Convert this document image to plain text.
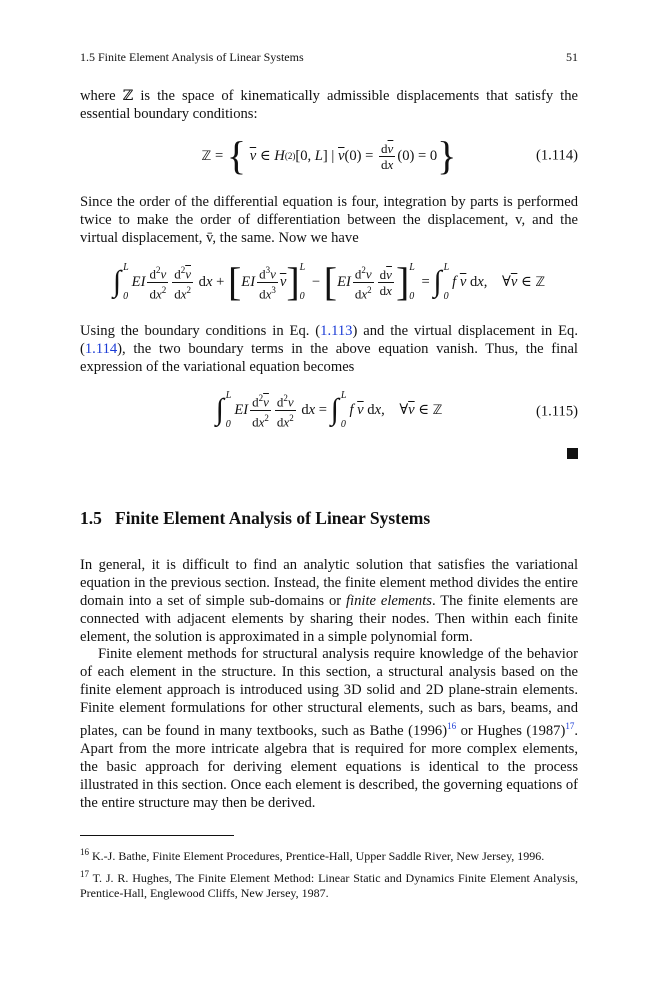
1.5 Finite Element Analysis of Linear Systems	51

where ℤ is the space of kinematically admissible displacements that satisfy the essential boundary conditions:

ℤ = {
$\overline{v}$ ∈ H (2) [0, L ] | $\overline{v}$ $(0) = \frac{d\overline{v}}{dx} (0) = 0$ }	(1.114)

Since the order of the differential equation is four, integration by parts is performed twice to make the order of differentiation between the displacement, v, and the virtual displacement, v̄, the same. Now we have

∫ L
0
EI $\frac{d^2v}{dx^2} \frac{d^2\overline{v}}{dx^2}$ d x + [ EI $\frac{d^3v}{dx^3} \overline{v}$ ] L
0
− [ EI $\frac{d^2v}{dx^2} \frac{d\overline{v}}{dx}$ ] L
0
= ∫ L
0
f
$\overline{v}$ d x ,    ∀ $\overline{v}$ ∈ ℤ

Using the boundary conditions in Eq. (1.113) and the virtual displacement in Eq. (1.114), the two boundary terms in the above equation vanish. Thus, the final expression of the variational equation becomes

∫ L
0
EI $\frac{d^2\overline{v}}{dx^2} \frac{d^2v}{dx^2}$ d x = ∫ L
0
f
$\overline{v}$ d x ,    ∀ $\overline{v}$ ∈ ℤ	(1.115)
1.5   Finite Element Analysis of Linear Systems

In general, it is difficult to find an analytic solution that satisfies the variational equation in the previous section. Instead, the finite element method divides the entire domain into a set of simple sub-domains or finite elements. The finite elements are connected with adjacent elements by sharing their nodes. Then within each finite element, the solution is approximated in a simple polynomial form.

Finite element methods for structural analysis require knowledge of the behavior of each element in the structure. In this section, a structural analysis based on the finite element approach is introduced using 3D solid and 2D plane-strain elements. Finite element formulations for other structural elements, such as bars, beams, and plates, can be found in many textbooks, such as Bathe $(1996)^{16}$ or Hughes $(1987)^{17}$. Apart from the more intricate algebra that is required for more complex elements, the basic approach for deriving element equations is identical to the process illustrated in this section. Once each element is described, the governing equations of the entire structure may then be derived.

$^{16}$ K.-J. Bathe, Finite Element Procedures, Prentice-Hall, Upper Saddle River, New Jersey, 1996.

$^{17}$ T. J. R. Hughes, The Finite Element Method: Linear Static and Dynamics Finite Element Analysis, Prentice-Hall, Englewood Cliffs, New Jersey, 1987.
